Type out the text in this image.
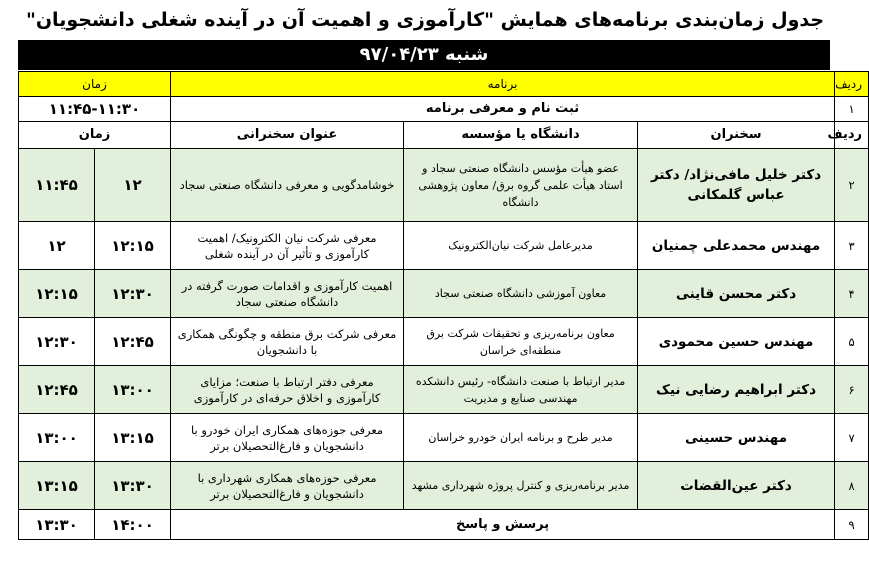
جدول زمان‌بندی برنامه‌های همایش "کارآموزی و اهمیت آن در آینده شغلی دانشجویان"
شنبه ۹۷/۰۴/۲۳
ردیف	برنامه			زمان	
۱	ثبت نام و معرفی برنامه			۱۱:۴۵-۱۱:۳۰	
ردیف	سخنران	دانشگاه یا مؤسسه	عنوان سخنرانی	زمان	
۲	دکتر خلیل مافی‌نژاد/ دکتر عباس گلمکانی	عضو هیأت مؤسس دانشگاه صنعتی سجاد و استاد هیأت علمی گروه برق/ معاون پژوهشی دانشگاه	خوشامدگویی و معرفی دانشگاه صنعتی سجاد	۱۲	۱۱:۴۵
۳	مهندس محمدعلی چمنیان	مدیرعامل شرکت نیان‌الکترونیک	معرفی شرکت نیان الکترونیک/ اهمیت کارآموزی و تأثیر آن در آینده شغلی	۱۲:۱۵	۱۲
۴	دکتر محسن قاینی	معاون آموزشی دانشگاه صنعتی سجاد	اهمیت کارآموزی و اقدامات صورت گرفته در دانشگاه صنعتی سجاد	۱۲:۳۰	۱۲:۱۵
۵	مهندس حسین محمودی	معاون برنامه‌ریزی و تحقیقات شرکت برق منطقه‌ای خراسان	معرفی شرکت برق منطقه و چگونگی همکاری با دانشجویان	۱۲:۴۵	۱۲:۳۰
۶	دکتر ابراهیم رضایی نیک	مدیر ارتباط با صنعت دانشگاه- رئیس دانشکده مهندسی صنایع و مدیریت	معرفی دفتر ارتباط با صنعت؛ مزایای کارآموزی و اخلاق حرفه‌ای در کارآموزی	۱۳:۰۰	۱۲:۴۵
۷	مهندس حسینی	مدیر طرح و برنامه ایران خودرو خراسان	معرفی حوزه‌های همکاری ایران خودرو با دانشجویان و فارغ‌التحصیلان برتر	۱۳:۱۵	۱۳:۰۰
۸	دکتر عین‌القضات	مدیر برنامه‌ریزی و کنترل پروژه شهرداری مشهد	معرفی حوزه‌های همکاری شهرداری با دانشجویان و فارغ‌التحصیلان برتر	۱۳:۳۰	۱۳:۱۵
۹	پرسش و پاسخ			۱۴:۰۰	۱۳:۳۰
